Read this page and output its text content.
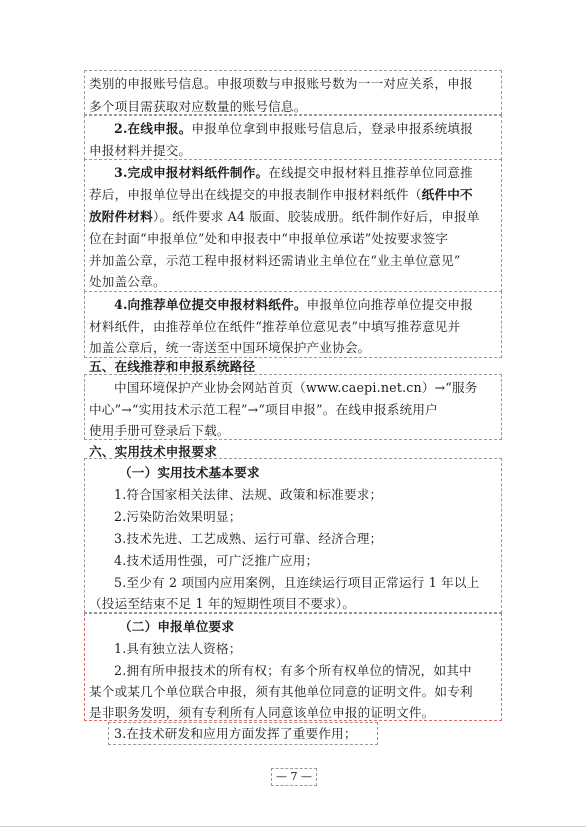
类别的申报账号信息。申报项数与申报账号数为一一对应关系，申报
多个项目需获取对应数量的账号信息。
2.在线申报。申报单位拿到申报账号信息后，登录申报系统填报
申报材料并提交。
3.完成申报材料纸件制作。在线提交申报材料且推荐单位同意推
荐后，申报单位导出在线提交的申报表制作申报材料纸件（纸件中不
放附件材料）。纸件要求 A4 版面、胶装成册。纸件制作好后，申报单
位在封面“申报单位”处和申报表中“申报单位承诺”处按要求签字
并加盖公章，示范工程申报材料还需请业主单位在“业主单位意见”
处加盖公章。
4.向推荐单位提交申报材料纸件。申报单位向推荐单位提交申报
材料纸件，由推荐单位在纸件“推荐单位意见表”中填写推荐意见并
加盖公章后，统一寄送至中国环境保护产业协会。
五、在线推荐和申报系统路径
中国环境保护产业协会网站首页（www.caepi.net.cn）→“服务
中心”→“实用技术示范工程”→“项目申报”。在线申报系统用户
使用手册可登录后下载。
六、实用技术申报要求
（一）实用技术基本要求
1.符合国家相关法律、法规、政策和标准要求；
2.污染防治效果明显；
3.技术先进、工艺成熟、运行可靠、经济合理；
4.技术适用性强，可广泛推广应用；
5.至少有 2 项国内应用案例，且连续运行项目正常运行 1 年以上
（投运至结束不足 1 年的短期性项目不要求）。
（二）申报单位要求
1.具有独立法人资格；
2.拥有所申报技术的所有权；有多个所有权单位的情况，如其中
某个或某几个单位联合申报，须有其他单位同意的证明文件。如专利
是非职务发明，须有专利所有人同意该单位申报的证明文件。
3.在技术研发和应用方面发挥了重要作用；
— 7 —
